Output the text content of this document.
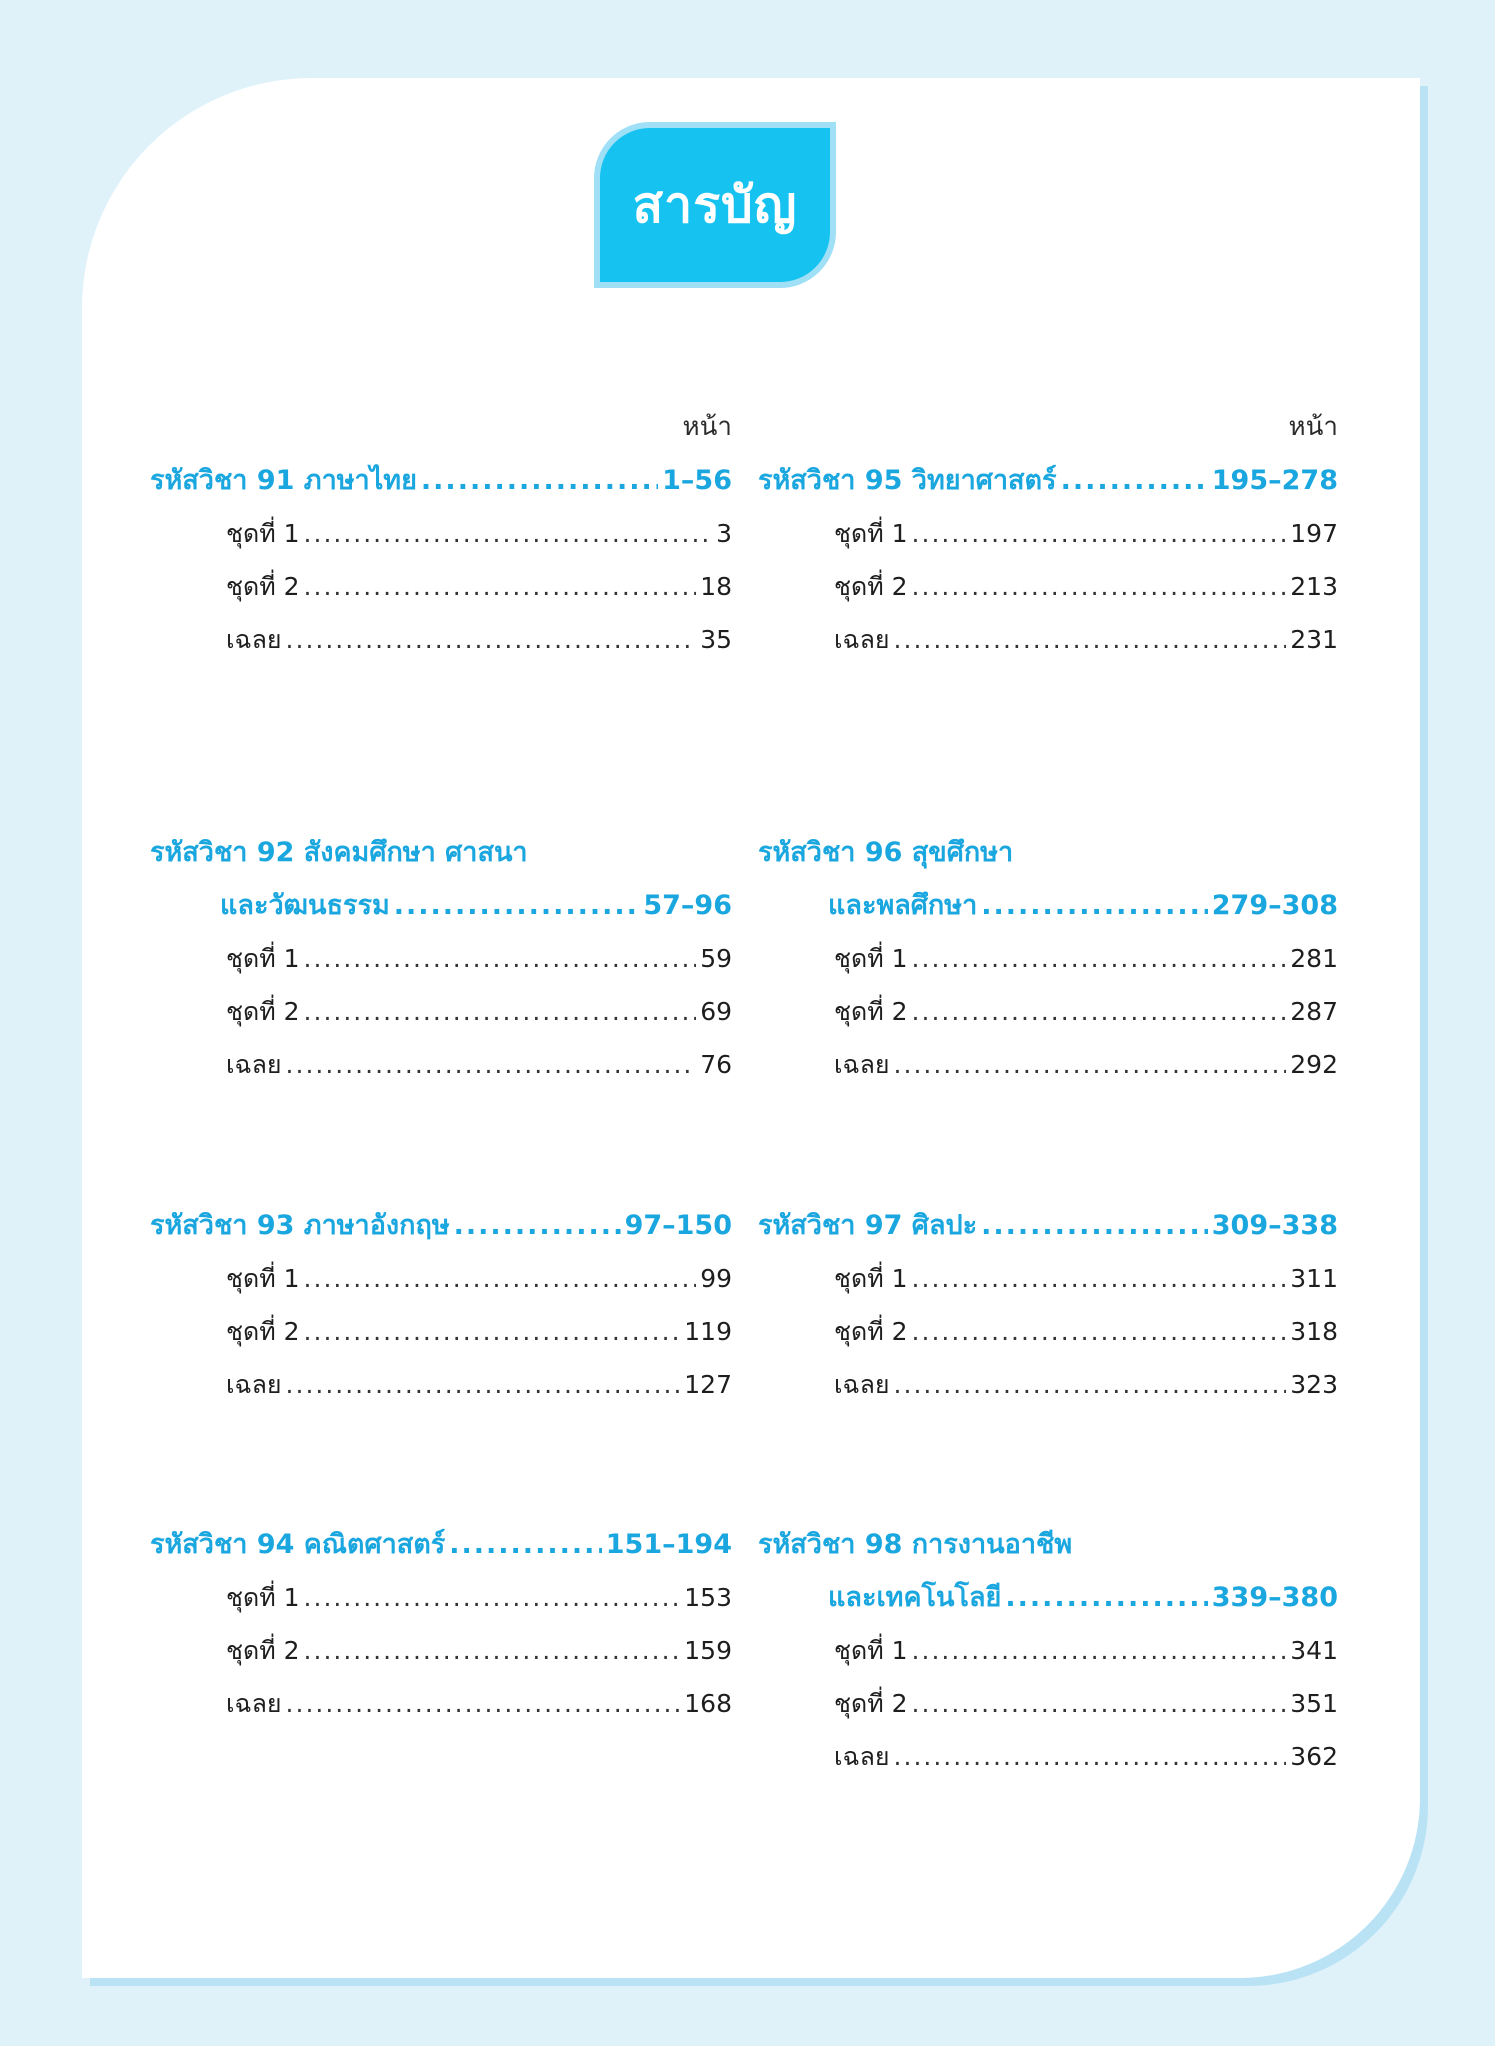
สารบัญ
หน้า
รหัสวิชา 91 ภาษาไทย .....	1–56
ชุดที่ 1 .....	3
ชุดที่ 2 .....	18
เฉลย .....	35
รหัสวิชา 92 สังคมศึกษา ศาสนา
และวัฒนธรรม .....	57–96
ชุดที่ 1 .....	59
ชุดที่ 2 .....	69
เฉลย .....	76
รหัสวิชา 93 ภาษาอังกฤษ .....	97–150
ชุดที่ 1 .....	99
ชุดที่ 2 .....	119
เฉลย .....	127
รหัสวิชา 94 คณิตศาสตร์ .....	151–194
ชุดที่ 1 .....	153
ชุดที่ 2 .....	159
เฉลย .....	168
หน้า
รหัสวิชา 95 วิทยาศาสตร์ .....	195–278
ชุดที่ 1 .....	197
ชุดที่ 2 .....	213
เฉลย .....	231
รหัสวิชา 96 สุขศึกษา
และพลศึกษา .....	279–308
ชุดที่ 1 .....	281
ชุดที่ 2 .....	287
เฉลย .....	292
รหัสวิชา 97 ศิลปะ .....	309–338
ชุดที่ 1 .....	311
ชุดที่ 2 .....	318
เฉลย .....	323
รหัสวิชา 98 การงานอาชีพ
และเทคโนโลยี .....	339–380
ชุดที่ 1 .....	341
ชุดที่ 2 .....	351
เฉลย .....	362
